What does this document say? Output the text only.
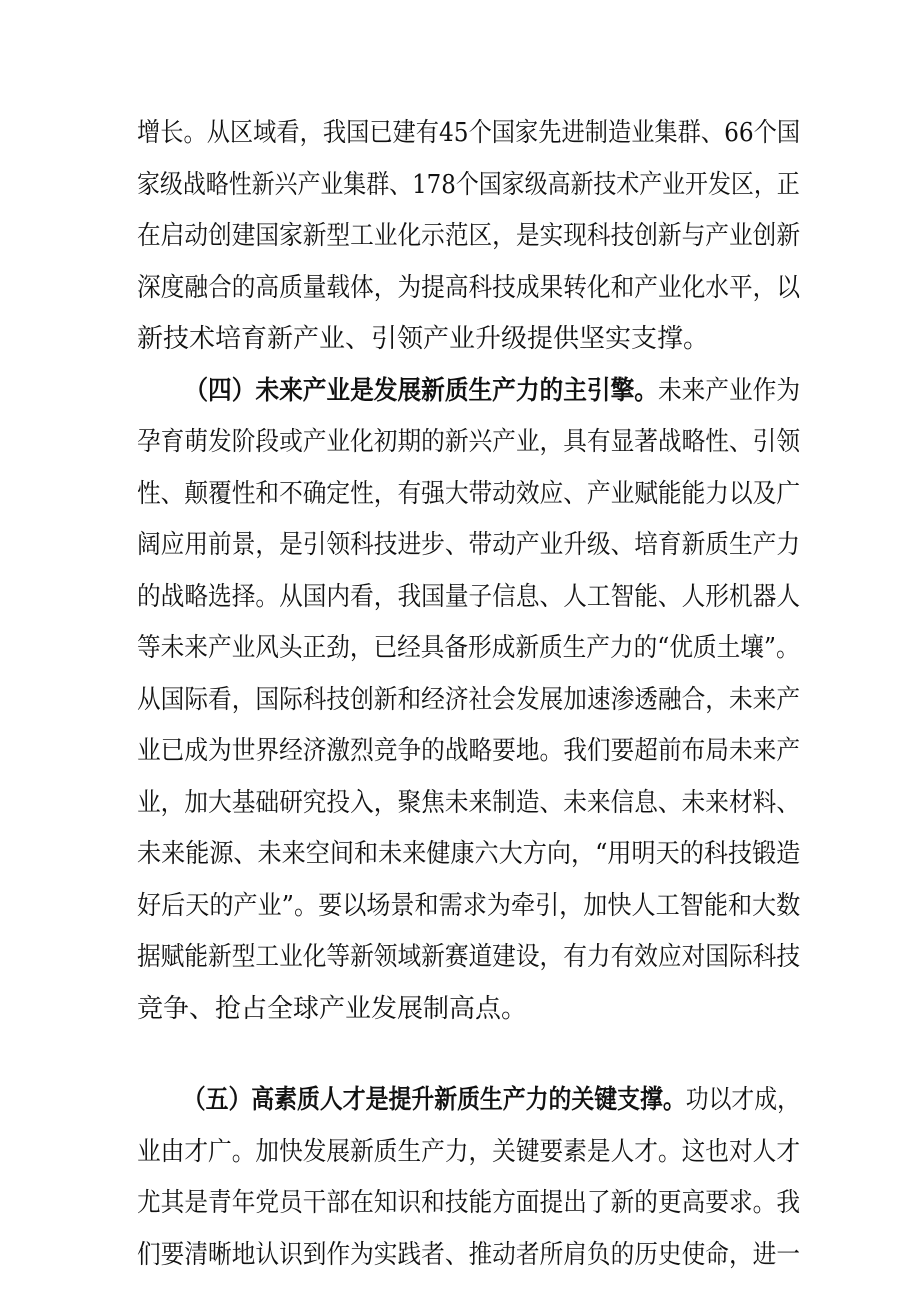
增长。从区域看，我国已建有45个国家先进制造业集群、66个国
家级战略性新兴产业集群、178个国家级高新技术产业开发区，正
在启动创建国家新型工业化示范区，是实现科技创新与产业创新
深度融合的高质量载体，为提高科技成果转化和产业化水平，以
新技术培育新产业、引领产业升级提供坚实支撑。
（四）未来产业是发展新质生产力的主引擎。未来产业作为
孕育萌发阶段或产业化初期的新兴产业，具有显著战略性、引领
性、颠覆性和不确定性，有强大带动效应、产业赋能能力以及广
阔应用前景，是引领科技进步、带动产业升级、培育新质生产力
的战略选择。从国内看，我国量子信息、人工智能、人形机器人
等未来产业风头正劲，已经具备形成新质生产力的“优质土壤”。
从国际看，国际科技创新和经济社会发展加速渗透融合，未来产
业已成为世界经济激烈竞争的战略要地。我们要超前布局未来产
业，加大基础研究投入，聚焦未来制造、未来信息、未来材料、
未来能源、未来空间和未来健康六大方向，“用明天的科技锻造
好后天的产业”。要以场景和需求为牵引，加快人工智能和大数
据赋能新型工业化等新领域新赛道建设，有力有效应对国际科技
竞争、抢占全球产业发展制高点。
（五）高素质人才是提升新质生产力的关键支撑。功以才成，
业由才广。加快发展新质生产力，关键要素是人才。这也对人才
尤其是青年党员干部在知识和技能方面提出了新的更高要求。我
们要清晰地认识到作为实践者、推动者所肩负的历史使命，进一
